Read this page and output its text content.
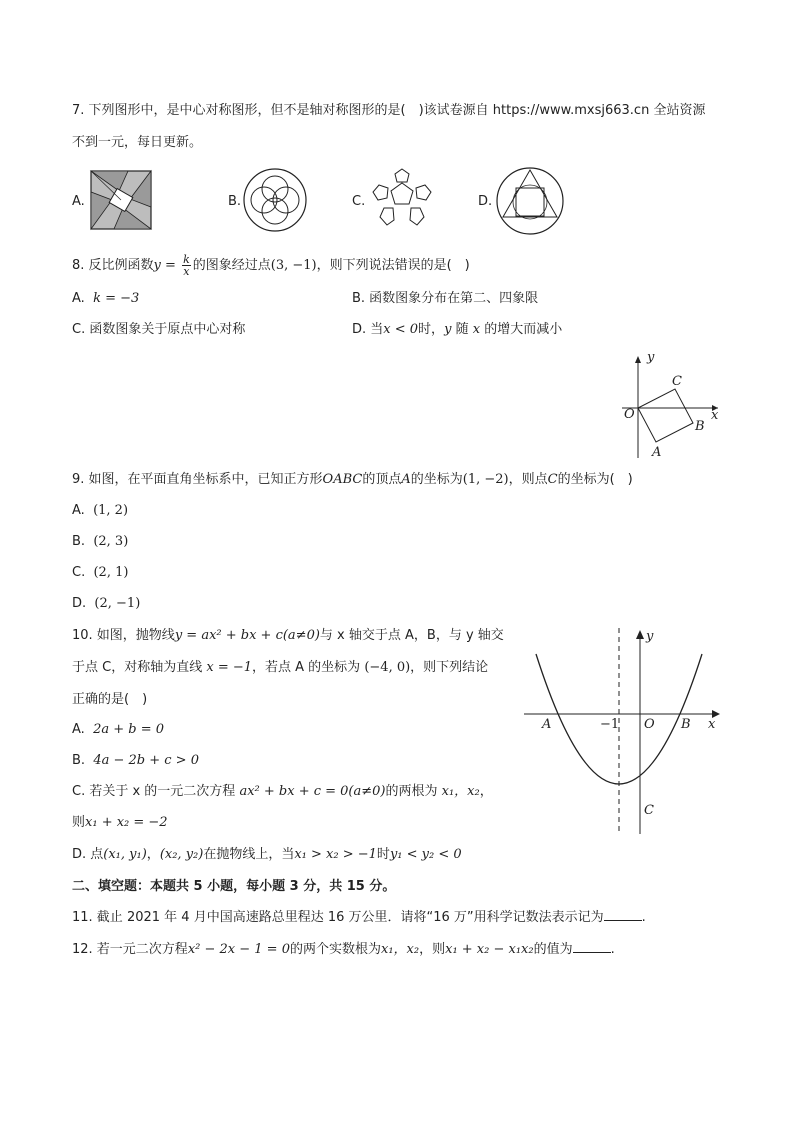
7. 下列图形中，是中心对称图形，但不是轴对称图形的是(　)该试卷源自 https://www.mxsj663.cn 全站资源
不到一元，每日更新。
A.	B.	C.	D.
8. 反比例函数$y = \frac{k}{x}$ 的图象经过点(3, −1)，则下列说法错误的是(　)
A. k = −3	B. 函数图象分布在第二、四象限
C. 函数图象关于原点中心对称	D. 当x < 0时，y 随 x 的增大而减小
y
x
O
A
B
C
9. 如图，在平面直角坐标系中，已知正方形OABC的顶点A的坐标为(1, −2)，则点C的坐标为(　)
A. (1, 2)
B. (2, 3)
C. (2, 1)
D. (2, −1)
10. 如图，抛物线y = ax² + bx + c(a≠0)与 x 轴交于点 A，B，与 y 轴交
于点 C，对称轴为直线 x = −1，若点 A 的坐标为 (−4, 0)，则下列结论
正确的是(　)
A. 2a + b = 0
B. 4a − 2b + c > 0
C. 若关于 x 的一元二次方程 ax² + bx + c = 0(a≠0)的两根为 x₁，x₂，
则x₁ + x₂ = −2
D. 点(x₁, y₁)，(x₂, y₂)在抛物线上，当x₁ > x₂ > −1时y₁ < y₂ < 0
y
x
A	B
C
O
−1
二、填空题：本题共 5 小题，每小题 3 分，共 15 分。
11. 截止 2021 年 4 月中国高速路总里程达 16 万公里．请将“16 万”用科学记数法表示记为	.
12. 若一元二次方程x² − 2x − 1 = 0的两个实数根为x₁，x₂，则x₁ + x₂ − x₁x₂的值为	.
